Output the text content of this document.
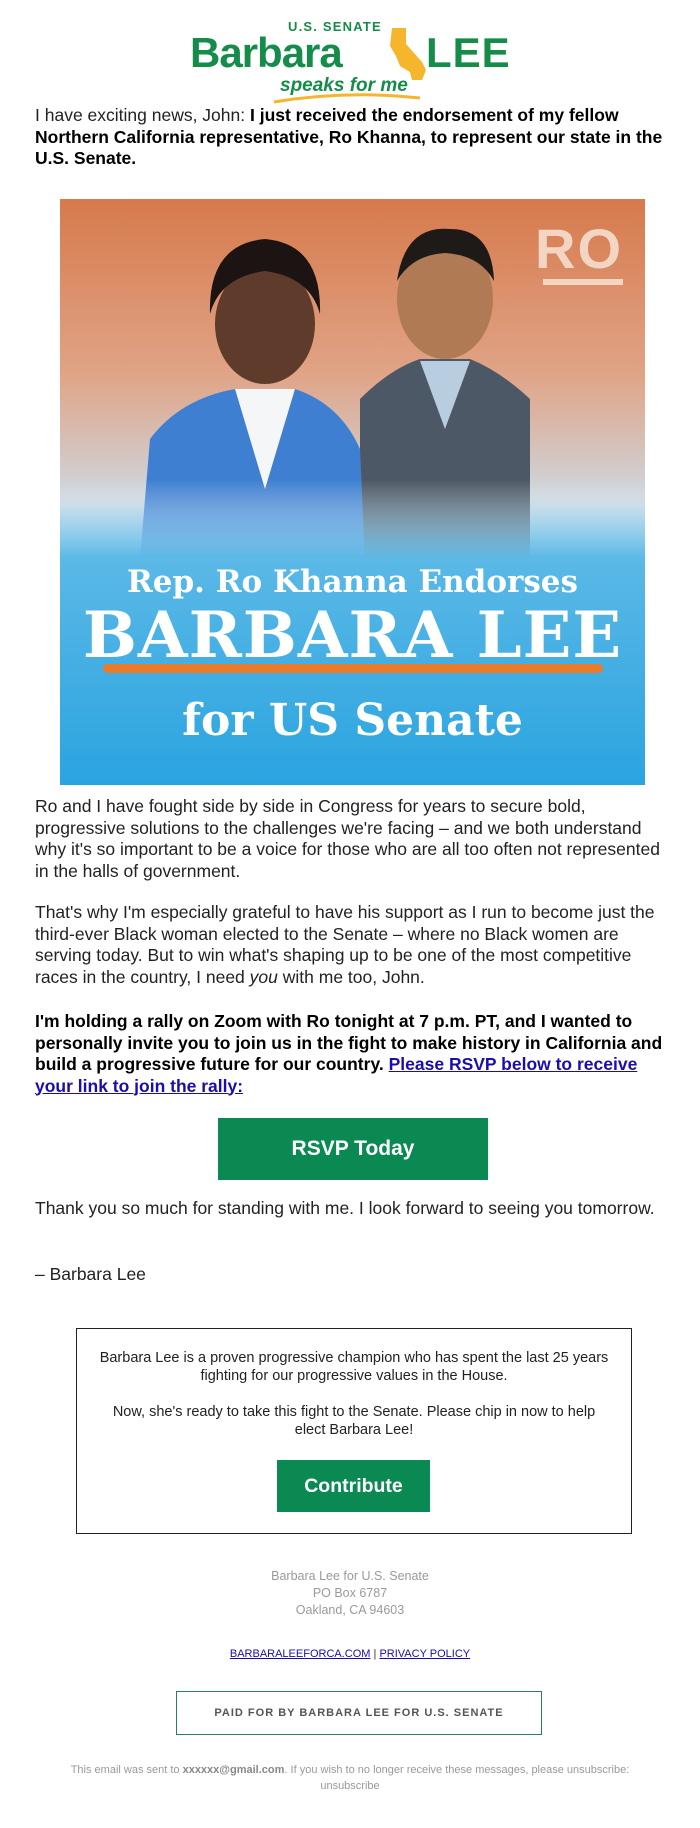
U.S. SENATE
Barbara LEE
speaks for me
I have exciting news, John: I just received the endorsement of my fellow Northern California representative, Ro Khanna, to represent our state in the U.S. Senate.
Rep. Ro Khanna Endorses
BARBARA LEE
for US Senate
Ro and I have fought side by side in Congress for years to secure bold, progressive solutions to the challenges we're facing – and we both understand why it's so important to be a voice for those who are all too often not represented in the halls of government.
That's why I'm especially grateful to have his support as I run to become just the third-ever Black woman elected to the Senate – where no Black women are serving today. But to win what's shaping up to be one of the most competitive races in the country, I need you with me too, John.
I'm holding a rally on Zoom with Ro tonight at 7 p.m. PT, and I wanted to personally invite you to join us in the fight to make history in California and build a progressive future for our country. Please RSVP below to receive your link to join the rally:
RSVP Today
Thank you so much for standing with me. I look forward to seeing you tomorrow.
– Barbara Lee
Barbara Lee is a proven progressive champion who has spent the last 25 years fighting for our progressive values in the House.
Now, she's ready to take this fight to the Senate. Please chip in now to help elect Barbara Lee!
Contribute
Barbara Lee for U.S. Senate
PO Box 6787
Oakland, CA 94603
BARBARALEEFORCA.COM | PRIVACY POLICY
PAID FOR BY BARBARA LEE FOR U.S. SENATE
This email was sent to xxxxxx@gmail.com. If you wish to no longer receive these messages, please unsubscribe:
unsubscribe
